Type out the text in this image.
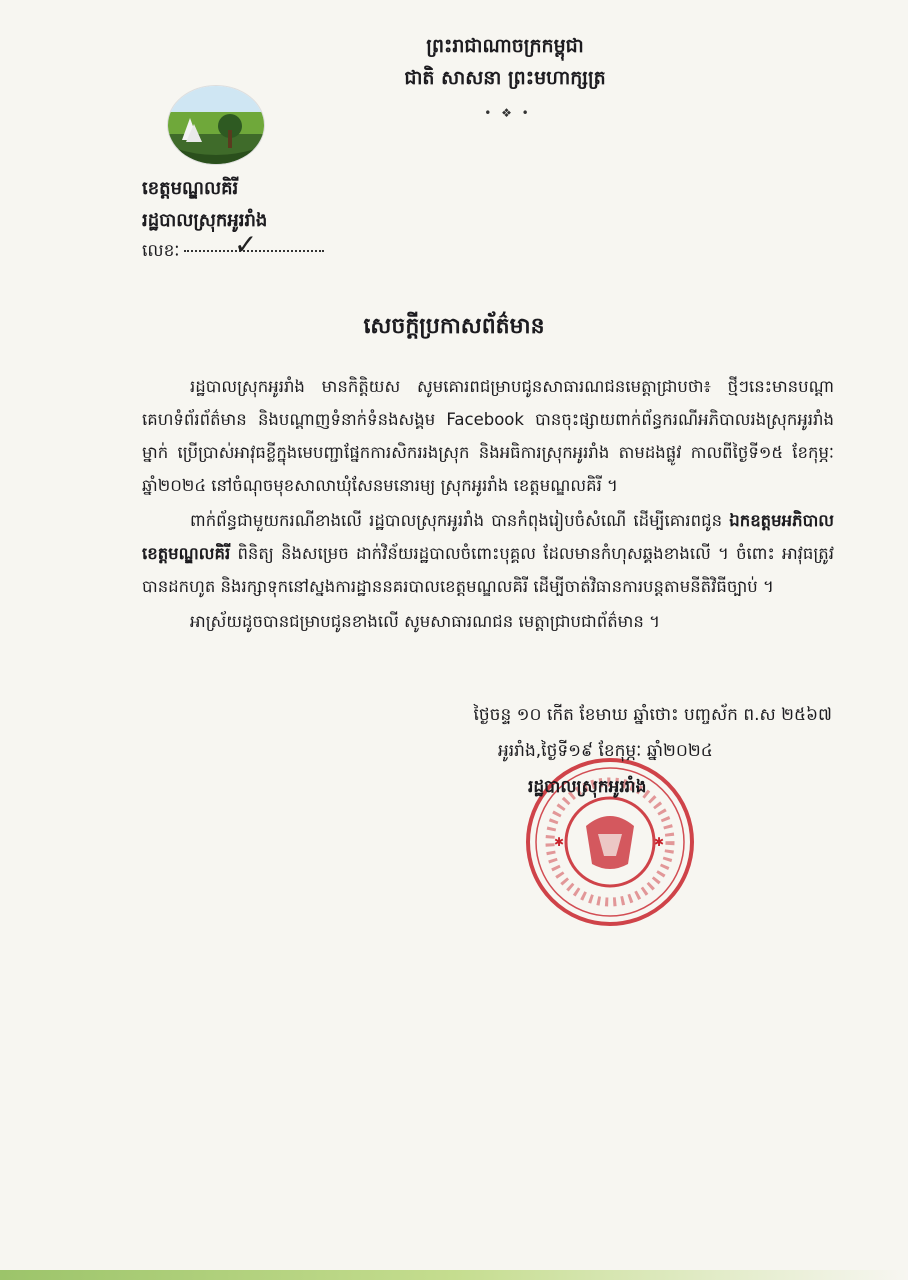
ព្រះរាជាណាចក្រកម្ពុជា
ជាតិ សាសនា ព្រះមហាក្សត្រ
• ❖ •
ខេត្តមណ្ឌលគិរី
រដ្ឋបាលស្រុកអូររាំង
លេខៈ ✓
សេចក្តីប្រកាសព័ត៌មាន

រដ្ឋបាលស្រុកអូររាំង មានកិត្តិយស សូមគោរពជម្រាបជូនសាធារណជនមេត្តាជ្រាបថា៖ ថ្មីៗនេះមានបណ្តាគេហទំព័រព័ត៌មាន និងបណ្តាញទំនាក់ទំនងសង្គម Facebook បានចុះផ្សាយពាក់ព័ន្ធករណីអភិបាលរងស្រុកអូររាំងម្នាក់ ប្រើប្រាស់អាវុធខ្លីក្នុងមេបញ្ជាផ្នែកការសិកររងស្រុក និងអធិការស្រុកអូររាំង តាមដងផ្លូវ កាលពីថ្ងៃទី១៥ ខែកុម្ភៈ ឆ្នាំ២០២៤ នៅចំណុចមុខសាលាឃុំសែនមនោរម្យ ស្រុកអូររាំង ខេត្តមណ្ឌលគិរី ។

ពាក់ព័ន្ធជាមួយករណីខាងលើ រដ្ឋបាលស្រុកអូររាំង បានកំពុងរៀបចំសំណើ ដើម្បីគោរពជូន ឯកឧត្តមអភិបាលខេត្តមណ្ឌលគិរី ពិនិត្យ និងសម្រេច ដាក់វិន័យរដ្ឋបាលចំពោះបុគ្គល ដែលមានកំហុសឆ្គងខាងលើ ។ ចំពោះ អាវុធត្រូវបានដកហូត និងរក្សាទុកនៅស្នងការដ្ឋាននគរបាលខេត្តមណ្ឌលគិរី ដើម្បីចាត់វិធានការបន្តតាមនីតិវិធីច្បាប់ ។

អាស្រ័យដូចបានជម្រាបជូនខាងលើ សូមសាធារណជន មេត្តាជ្រាបជាព័ត៌មាន ។

ថ្ងៃចន្ទ ១០ កើត ខែមាឃ ឆ្នាំថោះ បញ្ចស័ក ព.ស ២៥៦៧
✱	✱
អូររាំង,ថ្ងៃទី១៩ ខែកុម្ភៈ ឆ្នាំ២០២៤
រដ្ឋបាលស្រុកអូររាំង
